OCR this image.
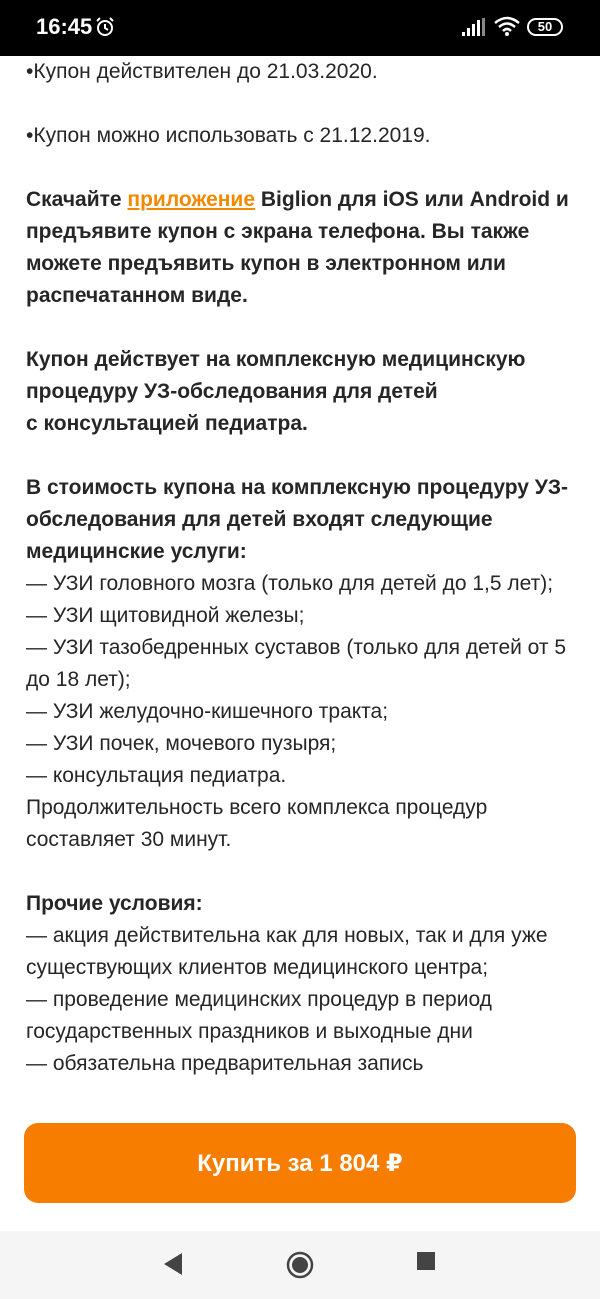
16:45	50

•Купон действителен до 21.03.2020.

•Купон можно использовать с 21.12.2019.

Скачайте приложение Biglion для iOS или Android и предъявите купон с экрана телефона. Вы также можете предъявить купон в электронном или распечатанном виде.

Купон действует на комплексную медицинскую процедуру УЗ-обследования для детей

с консультацией педиатра.

В стоимость купона на комплексную процедуру УЗ-обследования для детей входят следующие медицинские услуги:

— УЗИ головного мозга (только для детей до 1,5 лет);

— УЗИ щитовидной железы;

— УЗИ тазобедренных суставов (только для детей от 5 до 18 лет);

— УЗИ желудочно-кишечного тракта;

— УЗИ почек, мочевого пузыря;

— консультация педиатра.

Продолжительность всего комплекса процедур составляет 30 минут.

Прочие условия:

— акция действительна как для новых, так и для уже существующих клиентов медицинского центра;

— проведение медицинских процедур в период государственных праздников и выходные дни

— обязательна предварительная запись

Купить за 1 804 ₽
